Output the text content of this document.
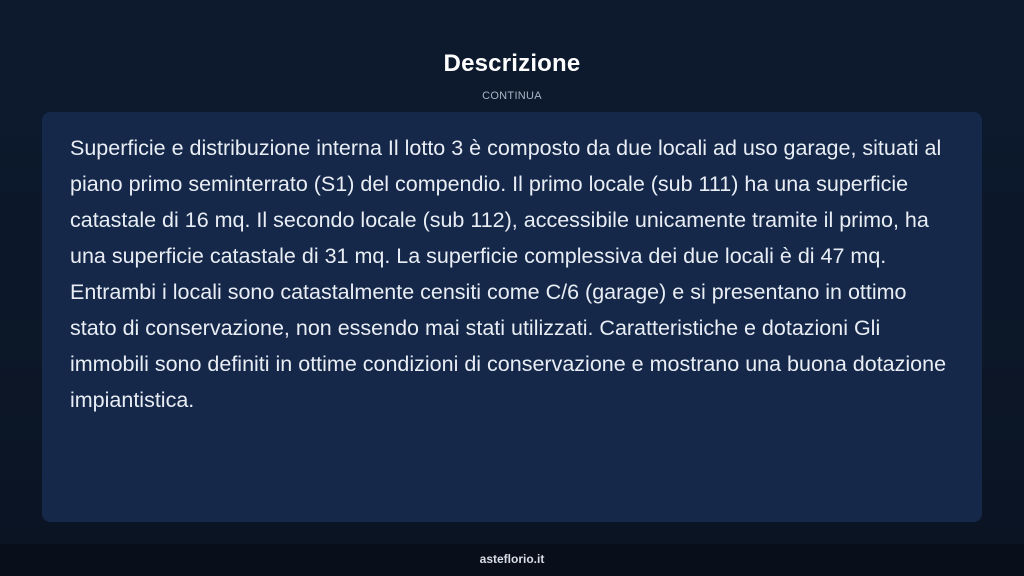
Descrizione
CONTINUA

Superficie e distribuzione interna Il lotto 3 è composto da due locali ad uso garage, situati al piano primo seminterrato (S1) del compendio. Il primo locale (sub 111) ha una superficie catastale di 16 mq. Il secondo locale (sub 112), accessibile unicamente tramite il primo, ha una superficie catastale di 31 mq. La superficie complessiva dei due locali è di 47 mq. Entrambi i locali sono catastalmente censiti come C/6 (garage) e si presentano in ottimo stato di conservazione, non essendo mai stati utilizzati. Caratteristiche e dotazioni Gli immobili sono definiti in ottime condizioni di conservazione e mostrano una buona dotazione impiantistica.

asteflorio.it
